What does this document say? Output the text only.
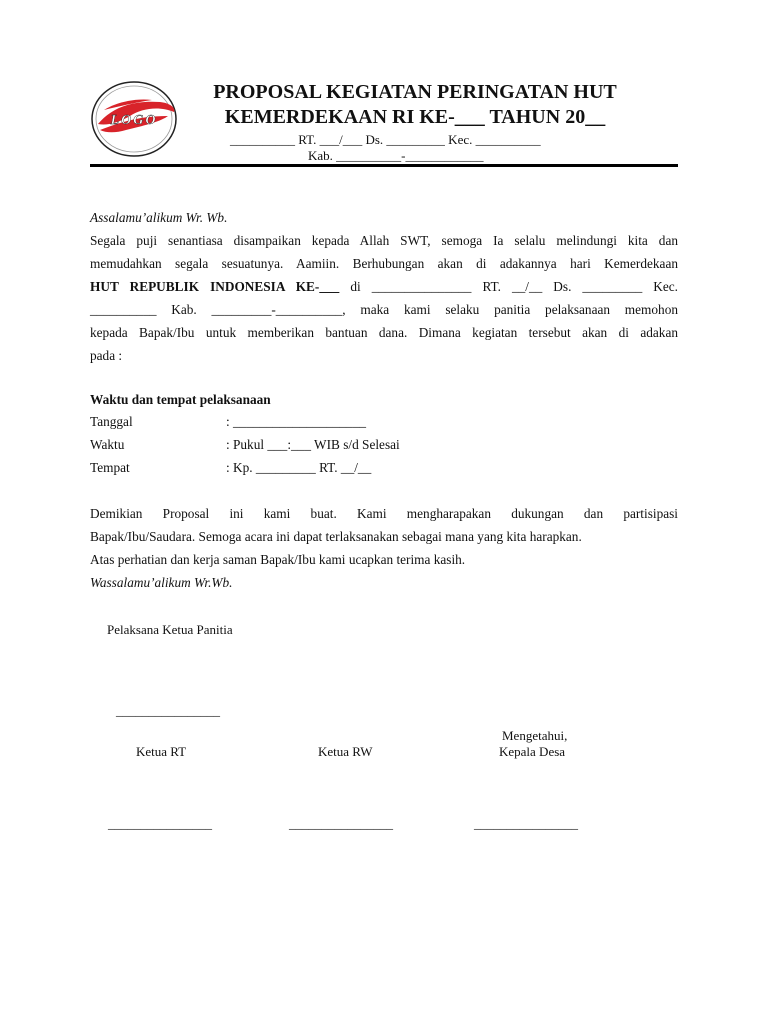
LOGO
PROPOSAL KEGIATAN PERINGATAN HUT
KEMERDEKAAN RI KE-___ TAHUN 20__
__________ RT. ___/___ Ds. _________ Kec. __________
Kab. __________-____________

Assalamu’alikum Wr. Wb.

Segala puji senantiasa disampaikan kepada Allah SWT, semoga Ia selalu melindungi kita dan

memudahkan segala sesuatunya. Aamiin. Berhubungan akan di adakannya hari Kemerdekaan

HUT REPUBLIK INDONESIA KE-___ di _______________ RT. __/__ Ds. _________ Kec.

__________ Kab. _________-__________, maka kami selaku panitia pelaksanaan memohon

kepada Bapak/Ibu untuk memberikan bantuan dana. Dimana kegiatan tersebut akan di adakan

pada :

Waktu dan tempat pelaksanaan

Tanggal	: ____________________
Waktu	: Pukul ___:___ WIB s/d Selesai
Tempat	: Kp. _________ RT. __/__

Demikian Proposal ini kami buat. Kami mengharapakan dukungan dan partisipasi

Bapak/Ibu/Saudara. Semoga acara ini dapat terlaksanakan sebagai mana yang kita harapkan.

Atas perhatian dan kerja saman Bapak/Ibu kami ucapkan terima kasih.

Wassalamu’alikum Wr.Wb.

Pelaksana Ketua Panitia
________________
Mengetahui,
Ketua RT	Ketua RW	Kepala Desa
________________	________________	________________
